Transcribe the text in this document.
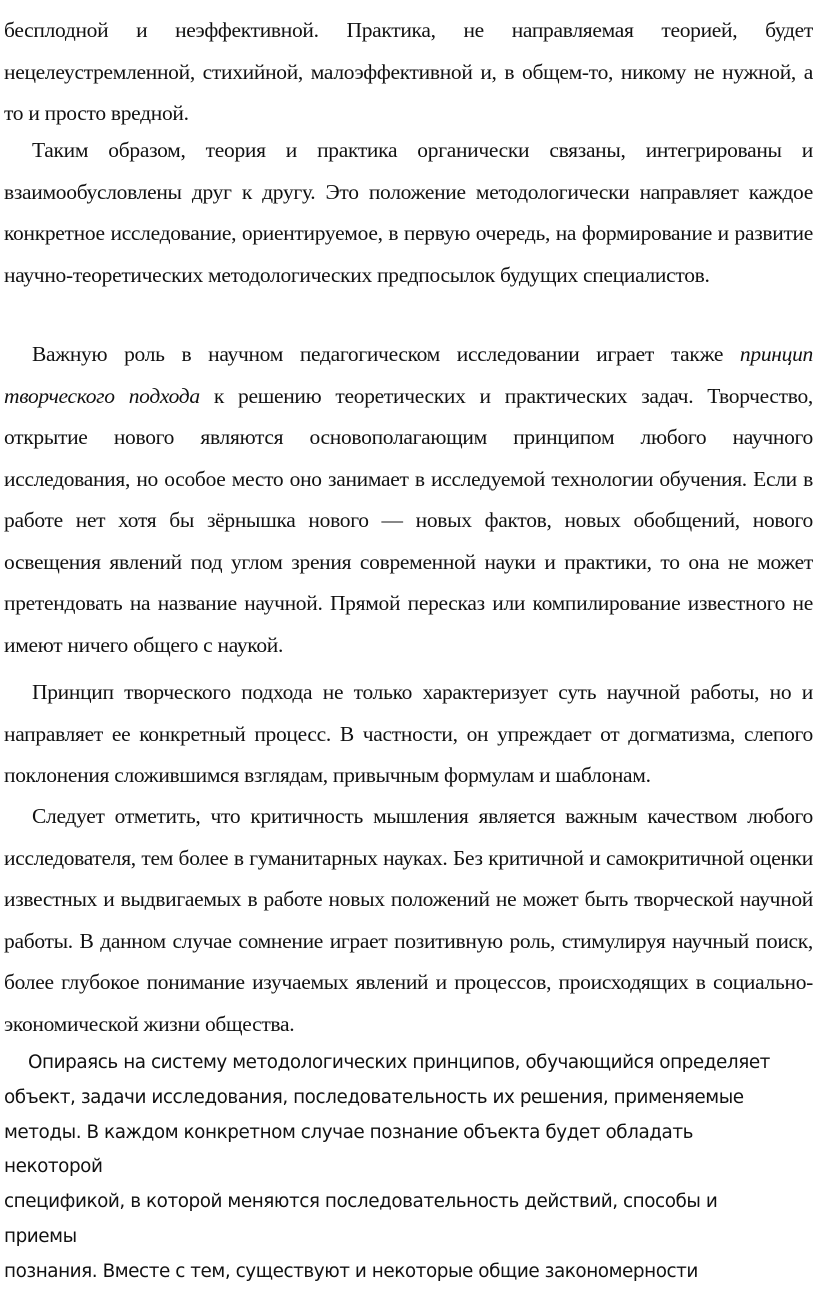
бесплодной и неэффективной. Практика, не направляемая теорией, будет нецелеустремленной, стихийной, малоэффективной и, в общем-то, никому не нужной, а то и просто вредной.

Таким образом, теория и практика органически связаны, интегрированы и взаимообусловлены друг к другу. Это положение методологически направляет каждое конкретное исследование, ориентируемое, в первую очередь, на формирование и развитие научно-теоретических методологических предпосылок будущих специалистов.

Важную роль в научном педагогическом исследовании играет также принцип творческого подхода к решению теоретических и практических задач. Творчество, открытие нового являются основополагающим принципом любого научного исследования, но особое место оно занимает в исследуемой технологии обучения. Если в работе нет хотя бы зёрнышка нового — новых фактов, новых обобщений, нового освещения явлений под углом зрения современной науки и практики, то она не может претендовать на название научной. Прямой пересказ или компилирование известного не имеют ничего общего с наукой.

Принцип творческого подхода не только характеризует суть научной работы, но и направляет ее конкретный процесс. В частности, он упреждает от догматизма, слепого поклонения сложившимся взглядам, привычным формулам и шаблонам.

Следует отметить, что критичность мышления является важным качеством любого исследователя, тем более в гуманитарных науках. Без критичной и самокритичной оценки известных и выдвигаемых в работе новых положений не может быть творческой научной работы. В данном случае сомнение играет позитивную роль, стимулируя научный поиск, более глубокое понимание изучаемых явлений и процессов, происходящих в социально-экономической жизни общества.

Опираясь на систему методологических принципов, обучающийся определяет
объект, задачи исследования, последовательность их решения, применяемые
методы. В каждом конкретном случае познание объекта будет обладать некоторой
спецификой, в которой меняются последовательность действий, способы и приемы
познания. Вместе с тем, существуют и некоторые общие закономерности
